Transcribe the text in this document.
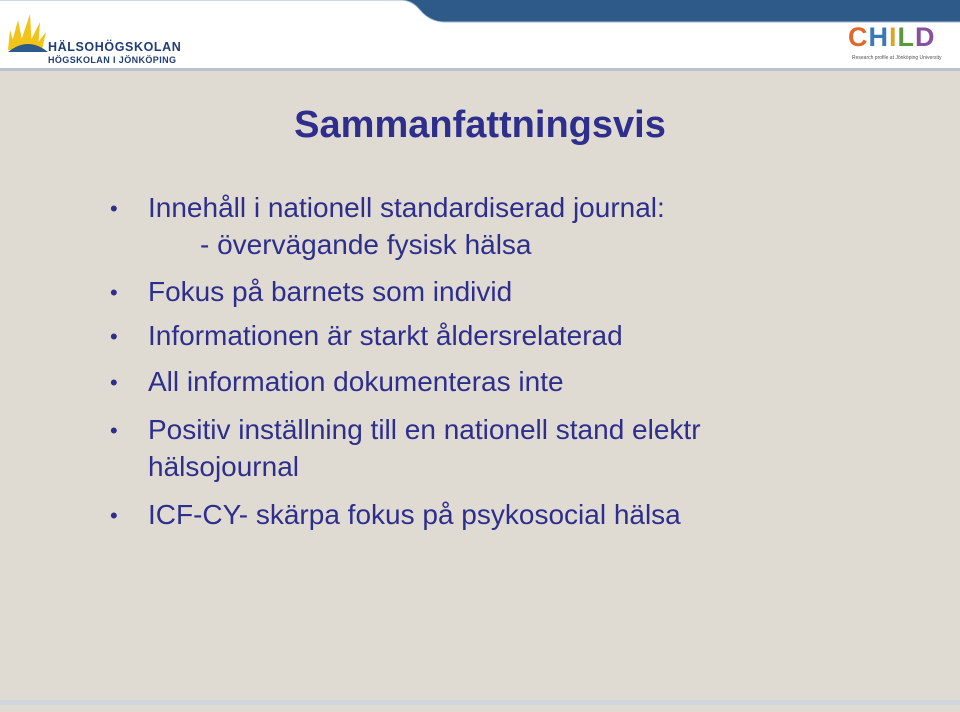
HÄLSOHÖGSKOLAN
HÖGSKOLAN I JÖNKÖPING
CHILD
Research profile at Jönköping University
Sammanfattningsvis
• Innehåll i nationell standardiserad journal:
- övervägande fysisk hälsa
• Fokus på barnets som individ
• Informationen är starkt åldersrelaterad
• All information dokumenteras inte
• Positiv inställning till en nationell stand elektr
hälsojournal
• ICF-CY- skärpa fokus på psykosocial hälsa
